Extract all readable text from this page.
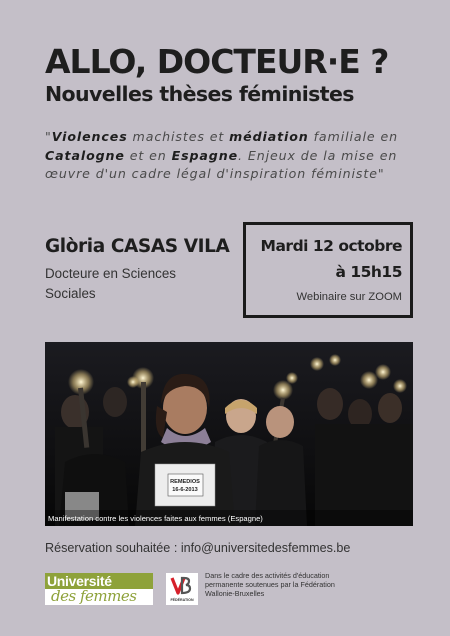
ALLO, DOCTEUR·E ?
Nouvelles thèses féministes
"Violences machistes et médiation familiale en Catalogne et en Espagne. Enjeux de la mise en œuvre d'un cadre légal d'inspiration féministe"
Glòria CASAS VILA
Docteure en Sciences Sociales
Mardi 12 octobre
à 15h15
Webinaire sur ZOOM
REMEDIOS
16-6-2013
Manifestation contre les violences faites aux femmes (Espagne)
Réservation souhaitée : info@universitedesfemmes.be
Université
des femmes	FÉDÉRATION
Dans le cadre des activités d'éducation permanente soutenues par la Fédération Wallonie-Bruxelles
